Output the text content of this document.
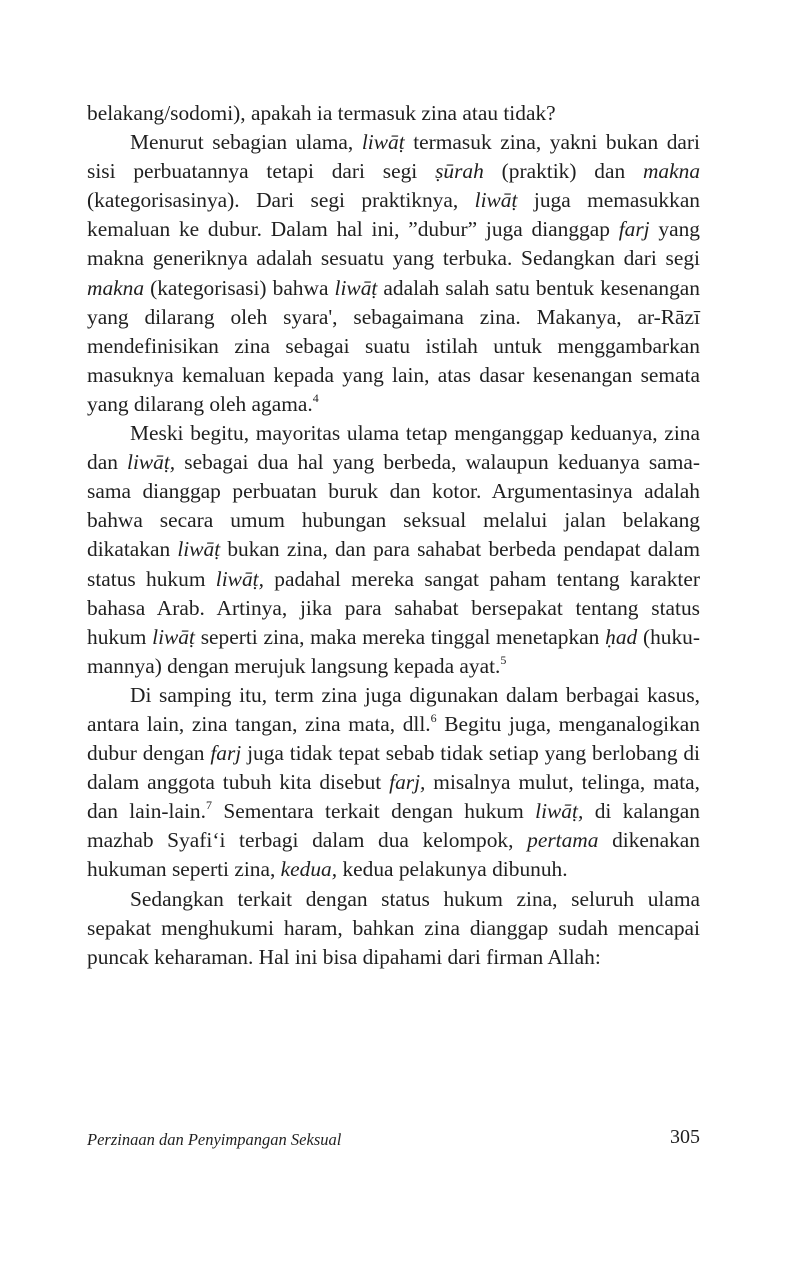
belakang/sodomi), apakah ia termasuk zina atau tidak?

Menurut sebagian ulama, liwāṭ termasuk zina, yakni bukan dari sisi perbuatannya tetapi dari segi ṣūrah (praktik) dan makna (kategorisasinya). Dari segi praktiknya, liwāṭ juga memasukkan kemaluan ke dubur. Dalam hal ini, ”dubur” juga dianggap farj yang makna generiknya adalah sesuatu yang terbuka. Sedangkan dari segi makna (kategorisasi) bahwa liwāṭ adalah salah satu bentuk kesenangan yang dilarang oleh syara', sebagaimana zina. Makanya, ar-Rāzī mendefinisikan zina sebagai suatu istilah untuk menggambarkan masuknya kemaluan kepada yang lain, atas dasar kesenangan semata yang dilarang oleh agama.$^4$

Meski begitu, mayoritas ulama tetap menganggap keduanya, zina dan liwāṭ, sebagai dua hal yang berbeda, walaupun keduanya sama-sama dianggap perbuatan buruk dan kotor. Argumentasinya adalah bahwa secara umum hubungan seksual melalui jalan belakang dikatakan liwāṭ bukan zina, dan para sahabat berbeda pendapat dalam status hukum liwāṭ, padahal mereka sangat paham tentang karakter bahasa Arab. Artinya, jika para sahabat bersepakat tentang status hukum liwāṭ seperti zina, maka mereka tinggal menetapkan ḥad (hukumannya) dengan merujuk langsung kepada ayat.$^5$

Di samping itu, term zina juga digunakan dalam berbagai kasus, antara lain, zina tangan, zina mata, dll.$^6$ Begitu juga, menganalogikan dubur dengan farj juga tidak tepat sebab tidak setiap yang berlobang di dalam anggota tubuh kita disebut farj, misalnya mulut, telinga, mata, dan lain-lain.$^7$ Sementara terkait dengan hukum liwāṭ, di kalangan mazhab Syafi‘i terbagi dalam dua kelompok, pertama dikenakan hukuman seperti zina, kedua, kedua pelakunya dibunuh.

Sedangkan terkait dengan status hukum zina, seluruh ulama sepakat menghukumi haram, bahkan zina dianggap sudah mencapai puncak keharaman. Hal ini bisa dipahami dari firman Allah:

Perzinaan dan Penyimpangan Seksual	305
